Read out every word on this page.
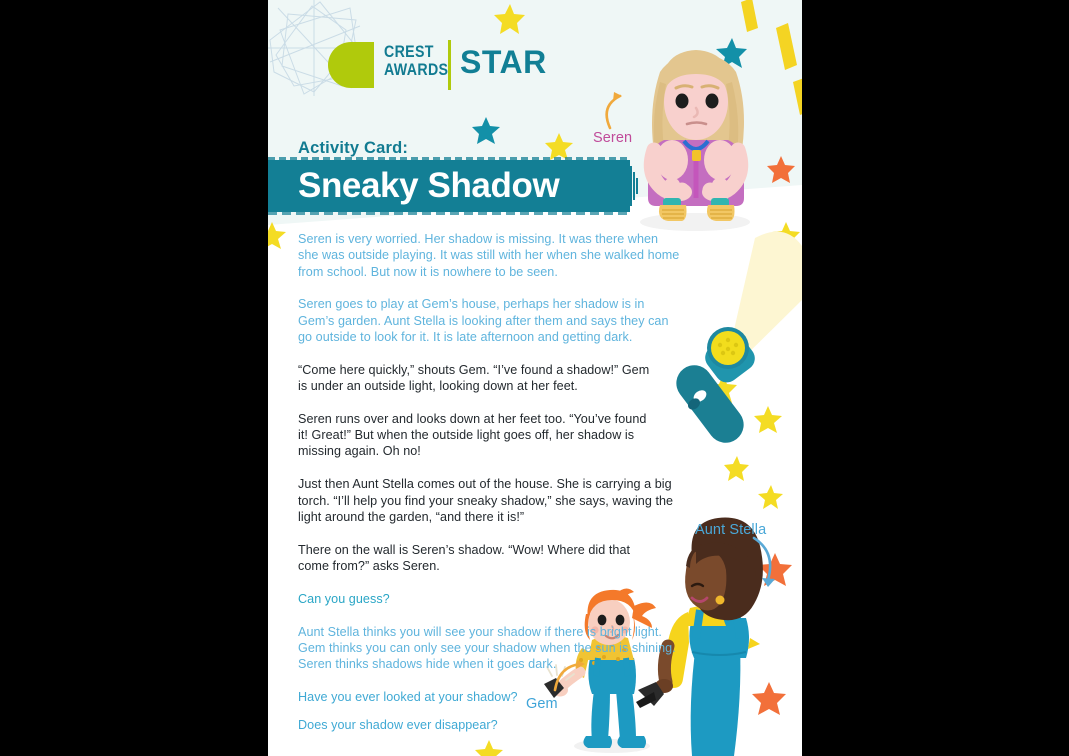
CREST
AWARDS STAR
Activity Card:
Sneaky Shadow

Seren is very worried. Her shadow is missing. It was there when she was outside playing. It was still with her when she walked home from school. But now it is nowhere to be seen.

Seren goes to play at Gem’s house, perhaps her shadow is in Gem’s garden. Aunt Stella is looking after them and says they can go outside to look for it. It is late afternoon and getting dark.

“Come here quickly,” shouts Gem. “I’ve found a shadow!” Gem is under an outside light, looking down at her feet.

Seren runs over and looks down at her feet too. “You’ve found it! Great!” But when the outside light goes off, her shadow is missing again. Oh no!

Just then Aunt Stella comes out of the house. She is carrying a big torch. “I’ll help you find your sneaky shadow,” she says, waving the light around the garden, “and there it is!”

There on the wall is Seren’s shadow. “Wow! Where did that come from?” asks Seren.

Can you guess?

Aunt Stella thinks you will see your shadow if there is bright light. Gem thinks you can only see your shadow when the sun is shining. Seren thinks shadows hide when it goes dark.

Have you ever looked at your shadow?

Does your shadow ever disappear?

Seren
Aunt Stella
Gem
